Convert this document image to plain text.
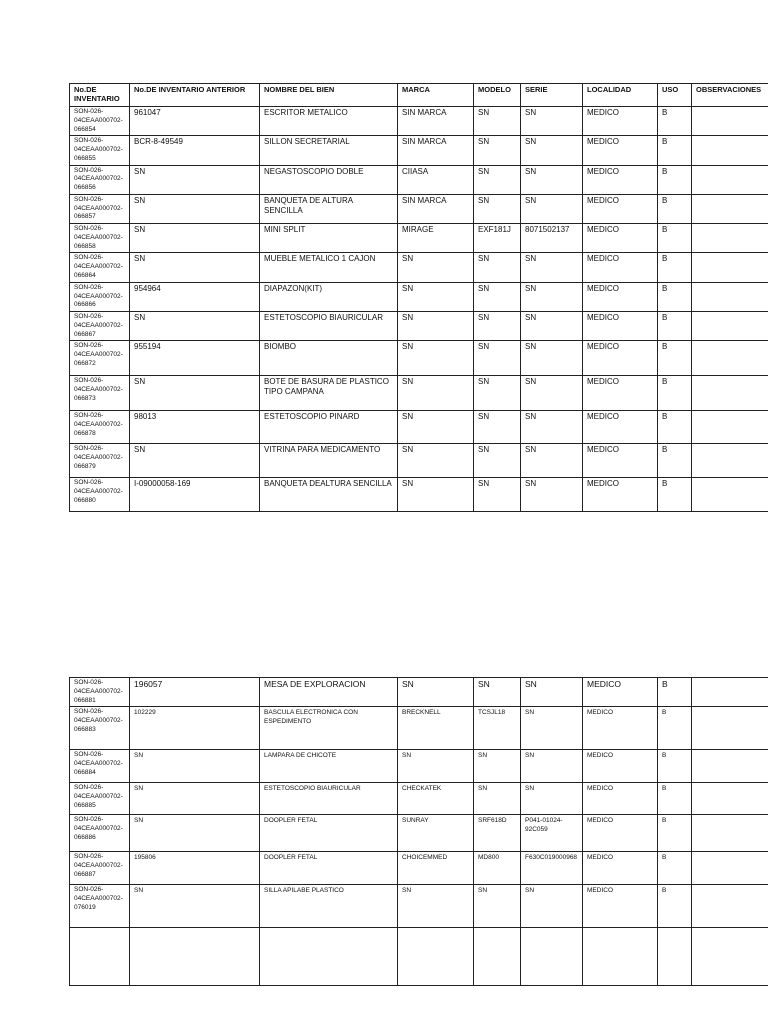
No.DE INVENTARIO	No.DE INVENTARIO ANTERIOR	NOMBRE DEL BIEN	MARCA	MODELO	SERIE	LOCALIDAD	USO	OBSERVACIONES
SON-026-04CEAA000702-066854	961047	ESCRITOR METALICO	SIN MARCA	SN	SN	MEDICO	B	
SON-026-04CEAA000702-066855	BCR-8-49549	SILLON SECRETARIAL	SIN MARCA	SN	SN	MEDICO	B	
SON-026-04CEAA000702-066856	SN	NEGASTOSCOPIO DOBLE	CIIASA	SN	SN	MEDICO	B	
SON-026-04CEAA000702-066857	SN	BANQUETA DE ALTURA SENCILLA	SIN MARCA	SN	SN	MEDICO	B	
SON-026-04CEAA000702-066858	SN	MINI SPLIT	MIRAGE	EXF181J	8071502137	MEDICO	B	
SON-026-04CEAA000702-066864	SN	MUEBLE METALICO 1 CAJON	SN	SN	SN	MEDICO	B	
SON-026-04CEAA000702-066866	954964	DIAPAZON(KIT)	SN	SN	SN	MEDICO	B	
SON-026-04CEAA000702-066867	SN	ESTETOSCOPIO BIAURICULAR	SN	SN	SN	MEDICO	B	
SON-026-04CEAA000702-066872	955194	BIOMBO	SN	SN	SN	MEDICO	B	
SON-026-04CEAA000702-066873	SN	BOTE DE BASURA DE PLASTICO TIPO CAMPANA	SN	SN	SN	MEDICO	B	
SON-026-04CEAA000702-066878	98013	ESTETOSCOPIO PINARD	SN	SN	SN	MEDICO	B	
SON-026-04CEAA000702-066879	SN	VITRINA PARA MEDICAMENTO	SN	SN	SN	MEDICO	B	
SON-026-04CEAA000702-066880	I-09000058-169	BANQUETA DEALTURA SENCILLA	SN	SN	SN	MEDICO	B	
SON-026-04CEAA000702-066881	196057	MESA DE EXPLORACION	SN	SN	SN	MEDICO	B	
SON-026-04CEAA000702-066883	102229	BASCULA ELECTRONICA CON ESPEDIMENTO	BRECKNELL	TCSJL18	SN	MEDICO	B	
SON-026-04CEAA000702-066884	SN	LAMPARA DE CHICOTE	SN	SN	SN	MEDICO	B	
SON-026-04CEAA000702-066885	SN	ESTETOSCOPIO BIAURICULAR	CHECKATEK	SN	SN	MEDICO	B	
SON-026-04CEAA000702-066886	SN	DOOPLER FETAL	SUNRAY	SRF618D	P041-01024-92C059	MEDICO	B	
SON-026-04CEAA000702-066887	195806	DOOPLER FETAL	CHOICEMMED	MD800	F630C019000968	MEDICO	B	
SON-026-04CEAA000702-076019	SN	SILLA APILABE PLASTICO	SN	SN	SN	MEDICO	B	
